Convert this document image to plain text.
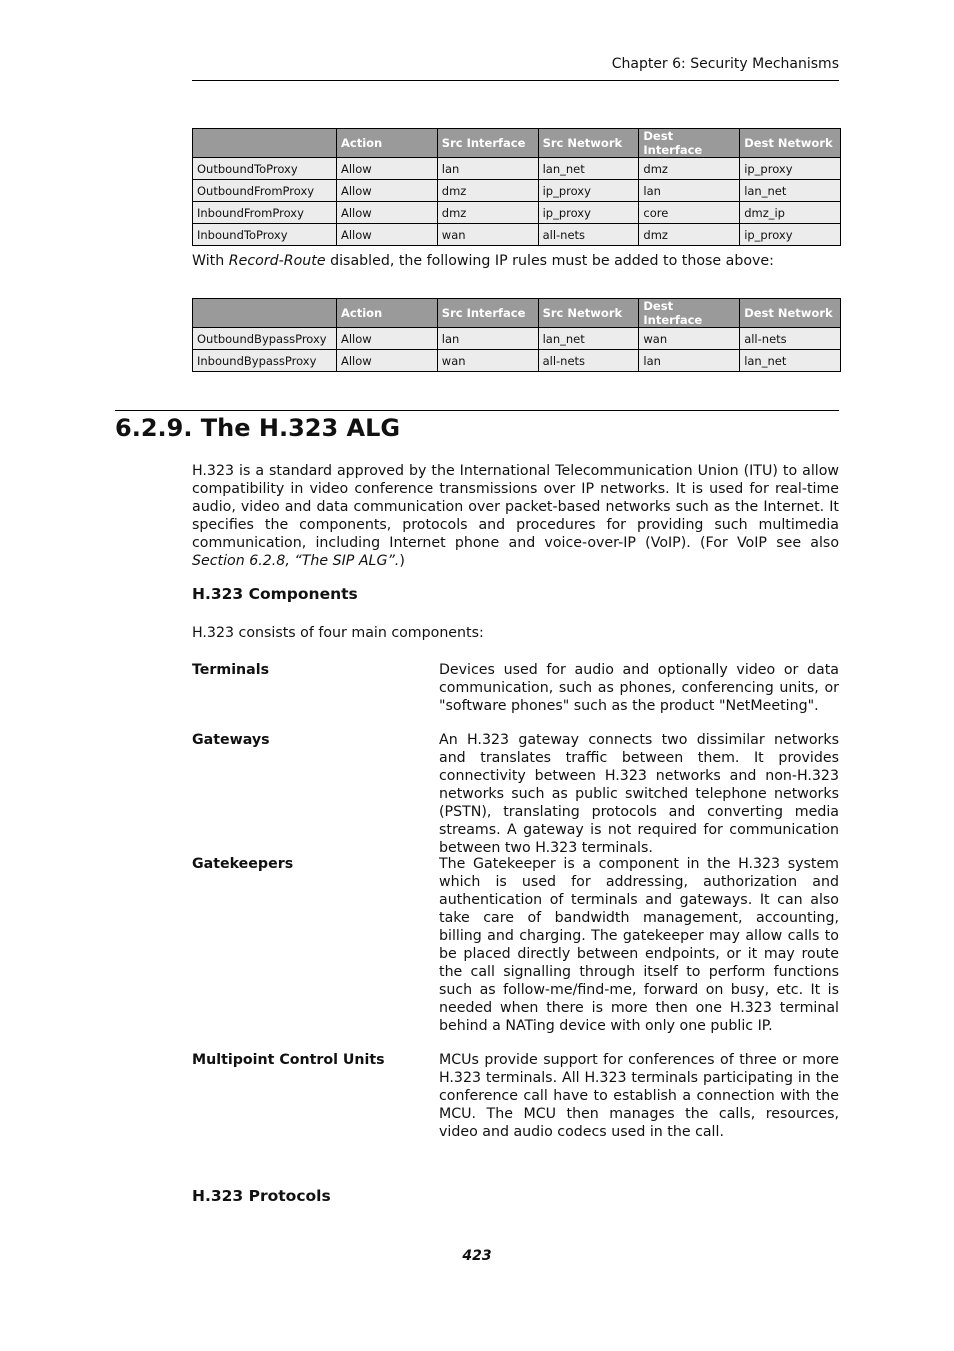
Chapter 6: Security Mechanisms
	Action	Src Interface	Src Network	Dest Interface	Dest Network
OutboundToProxy	Allow	lan	lan_net	dmz	ip_proxy
OutboundFromProxy	Allow	dmz	ip_proxy	lan	lan_net
InboundFromProxy	Allow	dmz	ip_proxy	core	dmz_ip
InboundToProxy	Allow	wan	all-nets	dmz	ip_proxy

With Record-Route disabled, the following IP rules must be added to those above:

	Action	Src Interface	Src Network	Dest Interface	Dest Network
OutboundBypassProxy	Allow	lan	lan_net	wan	all-nets
InboundBypassProxy	Allow	wan	all-nets	lan	lan_net
6.2.9. The H.323 ALG

H.323 is a standard approved by the International Telecommunication Union (ITU) to allow compatibility in video conference transmissions over IP networks. It is used for real-time audio, video and data communication over packet-based networks such as the Internet. It specifies the components, protocols and procedures for providing such multimedia communication, including Internet phone and voice-over-IP (VoIP). (For VoIP see also Section 6.2.8, “The SIP ALG”.)

H.323 Components

H.323 consists of four main components:

Terminals	Devices used for audio and optionally video or data communication, such as phones, conferencing units, or "software phones" such as the product "NetMeeting".
Gateways	An H.323 gateway connects two dissimilar networks and translates traffic between them. It provides connectivity between H.323 networks and non-H.323 networks such as public switched telephone networks (PSTN), translating protocols and converting media streams. A gateway is not required for communication between two H.323 terminals.
Gatekeepers	The Gatekeeper is a component in the H.323 system which is used for addressing, authorization and authentication of terminals and gateways. It can also take care of bandwidth management, accounting, billing and charging. The gatekeeper may allow calls to be placed directly between endpoints, or it may route the call signalling through itself to perform functions such as follow-me/find-me, forward on busy, etc. It is needed when there is more then one H.323 terminal behind a NATing device with only one public IP.
Multipoint Control Units	MCUs provide support for conferences of three or more H.323 terminals. All H.323 terminals participating in the conference call have to establish a connection with the MCU. The MCU then manages the calls, resources, video and audio codecs used in the call.
H.323 Protocols
423
